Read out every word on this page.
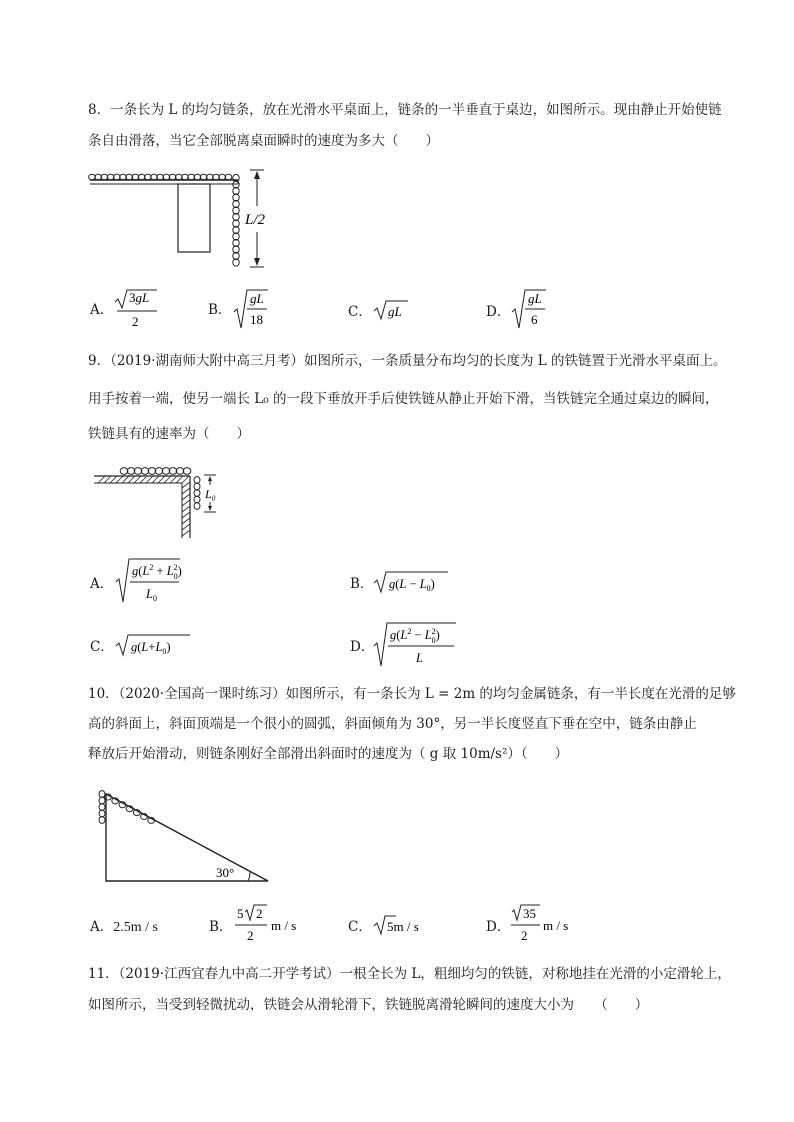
8．一条长为 L 的均匀链条，放在光滑水平桌面上，链条的一半垂直于桌边，如图所示。现由静止开始使链
条自由滑落，当它全部脱离桌面瞬时的速度为多大（　　）
L/2
A．
3gL
2
B．
gL
18	C． gL	D．
gL
6
9．（2019·湖南师大附中高三月考）如图所示，一条质量分布均匀的长度为 L 的铁链置于光滑水平桌面上。
用手按着一端，使另一端长 L₀ 的一段下垂放开手后使铁链从静止开始下滑，当铁链完全通过桌边的瞬间，
铁链具有的速率为（　　）
L₀
A．
$g(L^2 + L^2$ 0)
$L_0$
B． $g(L - L_0)$
C． $g(L+L_0)$	D．
$g(L^2 - L^2$ 0)
L
10．（2020·全国高一课时练习）如图所示，有一条长为 L = 2m 的均匀金属链条，有一半长度在光滑的足够
高的斜面上，斜面顶端是一个很小的圆弧，斜面倾角为 30°，另一半长度竖直下垂在空中，链条由静止
释放后开始滑动，则链条刚好全部滑出斜面时的速度为（ g 取 10m/s²）（　　）
30°
A．2.5m / s	B．
5 2
2
m / s	C． 5m / s	D．
35
2
m / s
11．（2019·江西宜春九中高二开学考试）一根全长为 L，粗细均匀的铁链，对称地挂在光滑的小定滑轮上，
如图所示，当受到轻微扰动，铁链会从滑轮滑下，铁链脱离滑轮瞬间的速度大小为　　（　　）
